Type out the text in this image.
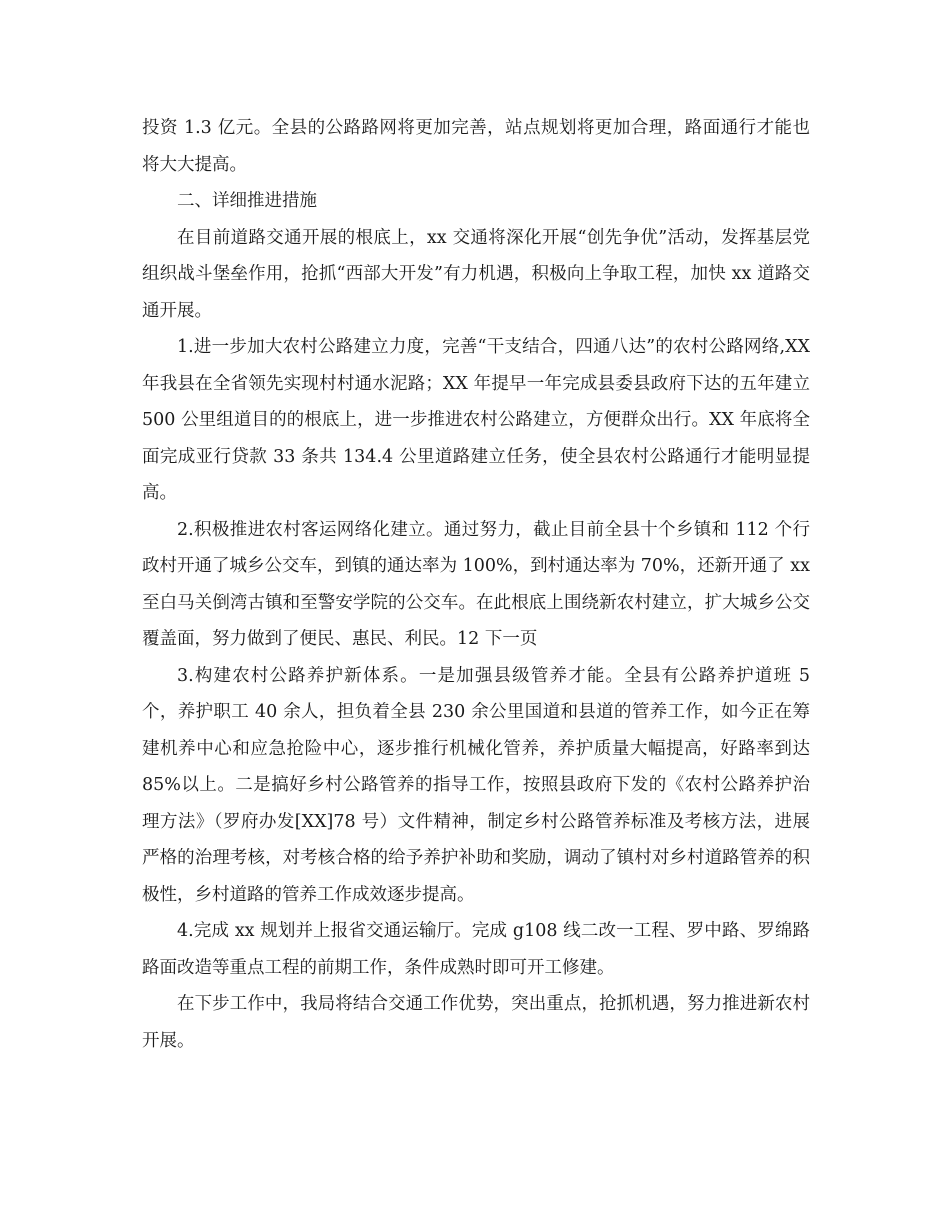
投资 1.3 亿元。全县的公路路网将更加完善，站点规划将更加合理，路面通行才能也将大大提高。

二、详细推进措施

在目前道路交通开展的根底上，xx 交通将深化开展“创先争优”活动，发挥基层党组织战斗堡垒作用，抢抓“西部大开发”有力机遇，积极向上争取工程，加快 xx 道路交通开展。

1.进一步加大农村公路建立力度，完善“干支结合，四通八达”的农村公路网络,XX 年我县在全省领先实现村村通水泥路；XX 年提早一年完成县委县政府下达的五年建立 500 公里组道目的的根底上，进一步推进农村公路建立，方便群众出行。XX 年底将全面完成亚行贷款 33 条共 134.4 公里道路建立任务，使全县农村公路通行才能明显提高。

2.积极推进农村客运网络化建立。通过努力，截止目前全县十个乡镇和 112 个行政村开通了城乡公交车，到镇的通达率为 100%，到村通达率为 70%，还新开通了 xx 至白马关倒湾古镇和至警安学院的公交车。在此根底上围绕新农村建立，扩大城乡公交覆盖面，努力做到了便民、惠民、利民。12 下一页

3.构建农村公路养护新体系。一是加强县级管养才能。全县有公路养护道班 5 个，养护职工 40 余人，担负着全县 230 余公里国道和县道的管养工作，如今正在筹建机养中心和应急抢险中心，逐步推行机械化管养，养护质量大幅提高，好路率到达 85%以上。二是搞好乡村公路管养的指导工作，按照县政府下发的《农村公路养护治理方法》（罗府办发[XX]78 号）文件精神，制定乡村公路管养标准及考核方法，进展严格的治理考核，对考核合格的给予养护补助和奖励，调动了镇村对乡村道路管养的积极性，乡村道路的管养工作成效逐步提高。

4.完成 xx 规划并上报省交通运输厅。完成 g108 线二改一工程、罗中路、罗绵路路面改造等重点工程的前期工作，条件成熟时即可开工修建。

在下步工作中，我局将结合交通工作优势，突出重点，抢抓机遇，努力推进新农村开展。
